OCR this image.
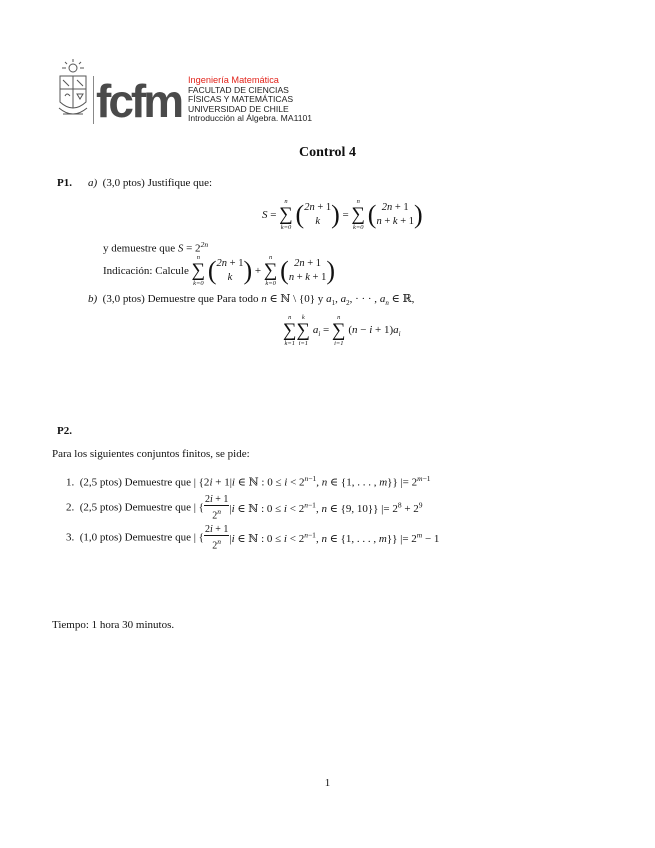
fcfm Ingeniería Matemática
FACULTAD DE CIENCIAS
FÍSICAS Y MATEMÁTICAS
UNIVERSIDAD DE CHILE
Introducción al Álgebra. MA1101
Control 4
P1. a) (3,0 ptos) Justifique que:
S =
n
∑
k=0 (2n + 1
k ) =
n
∑
k=0 ( 2n + 1
n + k + 1)
y demuestre que $S = 2^{2n}$
Indicación: Calcule
n
∑
k=0 (2n + 1
k ) +
n
∑
k=0 ( 2n + 1
n + k + 1)
b) (3,0 ptos) Demuestre que Para todo n ∈ ℕ \ {0} y $a_1$, $a_2$, · · · , $a_n$ ∈ ℝ,
n
∑
k=1
k
∑
i=1
$a_i$ =
n
∑
i=1
$(n - i + 1)a_i$
P2.
Para los siguientes conjuntos finitos, se pide:
1. (2,5 ptos) Demuestre que | {2i + 1|i ∈ ℕ : $0 \le i < 2^{n-1}$, n ∈ {1, . . . , m}} |= $2^{m-1}$
2. (2,5 ptos) Demuestre que | { $\frac{2i + 1}{2^n} |i$ ∈ ℕ : $0 \le i < 2^{n-1}$, n ∈ {9, 10}} |= $2^8 + 2^9$
3. (1,0 ptos) Demuestre que | { $\frac{2i + 1}{2^n} |i$ ∈ ℕ : $0 \le i < 2^{n-1}$, n ∈ {1, . . . , m}} |= $2^m - 1$
Tiempo: 1 hora 30 minutos.
1
